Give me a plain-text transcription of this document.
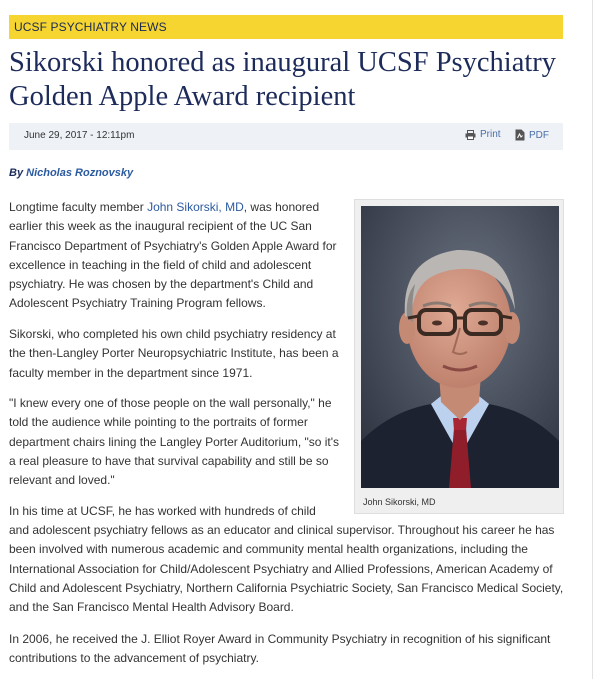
UCSF PSYCHIATRY NEWS
Sikorski honored as inaugural UCSF Psychiatry Golden Apple Award recipient
June 29, 2017 - 12:11pm	Print	PDF
By Nicholas Roznovsky

Longtime faculty member John Sikorski, MD, was honored earlier this week as the inaugural recipient of the UC San Francisco Department of Psychiatry's Golden Apple Award for excellence in teaching in the field of child and adolescent psychiatry. He was chosen by the department's Child and Adolescent Psychiatry Training Program fellows.

Sikorski, who completed his own child psychiatry residency at the then-Langley Porter Neuropsychiatric Institute, has been a faculty member in the department since 1971.

"I knew every one of those people on the wall personally," he told the audience while pointing to the portraits of former department chairs lining the Langley Porter Auditorium, "so it's a real pleasure to have that survival capability and still be so relevant and loved."

In his time at UCSF, he has worked with hundreds of child

and adolescent psychiatry fellows as an educator and clinical supervisor. Throughout his career he has been involved with numerous academic and community mental health organizations, including the International Association for Child/Adolescent Psychiatry and Allied Professions, American Academy of Child and Adolescent Psychiatry, Northern California Psychiatric Society, San Francisco Medical Society, and the San Francisco Mental Health Advisory Board.

In 2006, he received the J. Elliot Royer Award in Community Psychiatry in recognition of his significant contributions to the advancement of psychiatry.

John Sikorski, MD
